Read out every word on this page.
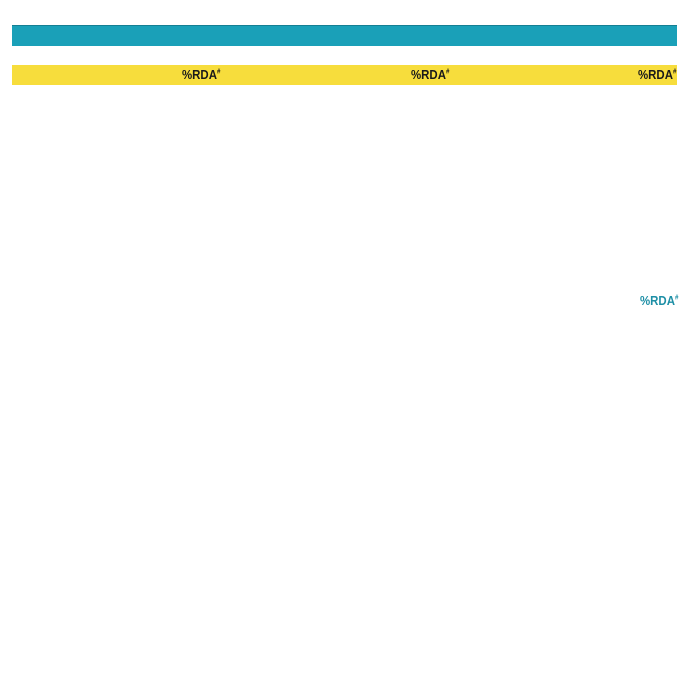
%RDA#	%RDA#	%RDA#
%RDA#
